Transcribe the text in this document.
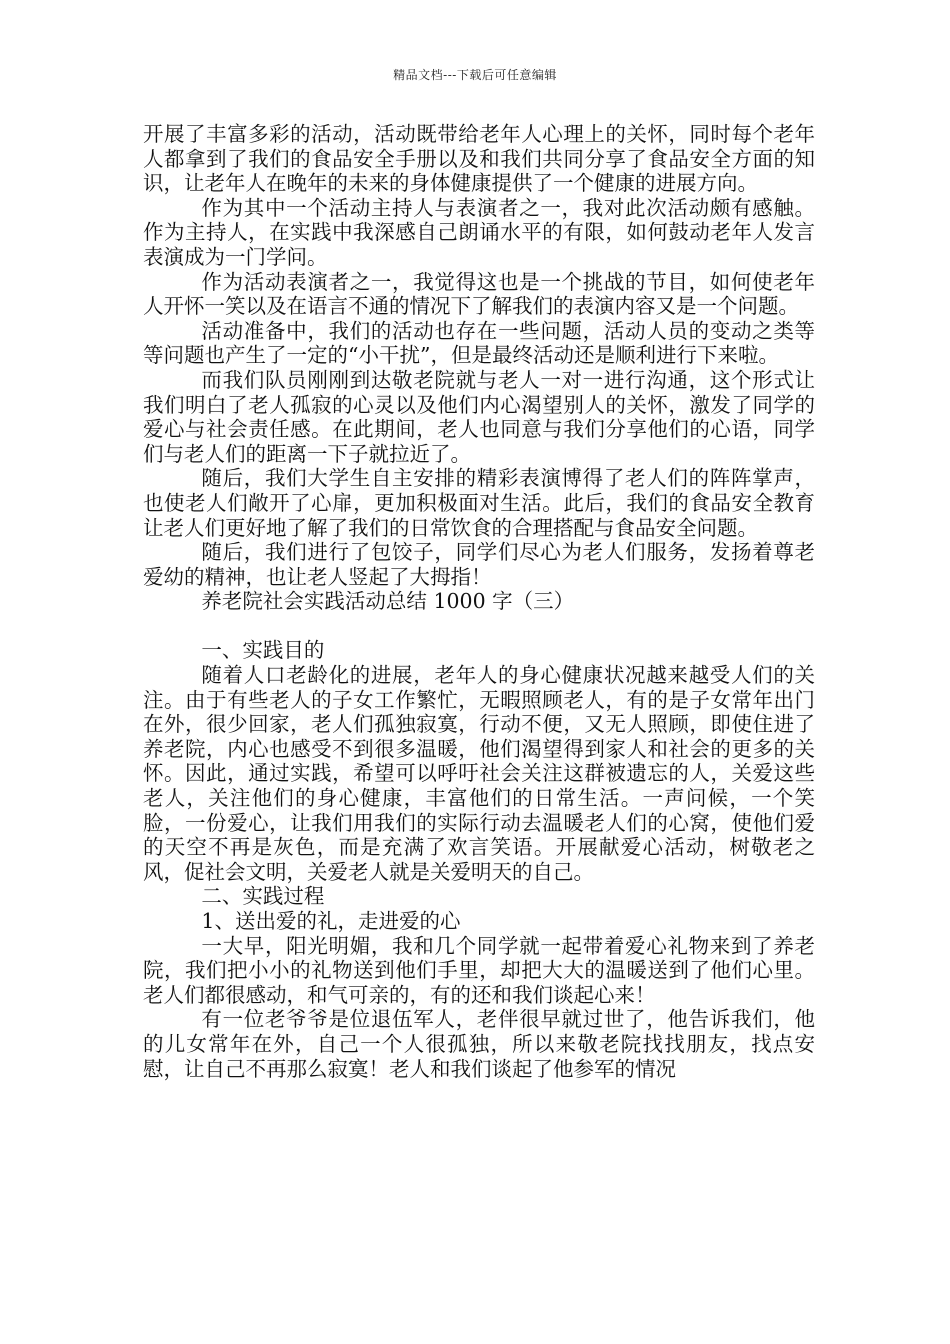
精品文档---下载后可任意编辑

开展了丰富多彩的活动，活动既带给老年人心理上的关怀，同时每个老年人都拿到了我们的食品安全手册以及和我们共同分享了食品安全方面的知识，让老年人在晚年的未来的身体健康提供了一个健康的进展方向。

作为其中一个活动主持人与表演者之一，我对此次活动颇有感触。作为主持人，在实践中我深感自己朗诵水平的有限，如何鼓动老年人发言表演成为一门学问。

作为活动表演者之一，我觉得这也是一个挑战的节目，如何使老年人开怀一笑以及在语言不通的情况下了解我们的表演内容又是一个问题。

活动准备中，我们的活动也存在一些问题，活动人员的变动之类等等问题也产生了一定的“小干扰”，但是最终活动还是顺利进行下来啦。

而我们队员刚刚到达敬老院就与老人一对一进行沟通，这个形式让我们明白了老人孤寂的心灵以及他们内心渴望别人的关怀，激发了同学的爱心与社会责任感。在此期间，老人也同意与我们分享他们的心语，同学们与老人们的距离一下子就拉近了。

随后，我们大学生自主安排的精彩表演博得了老人们的阵阵掌声，也使老人们敞开了心扉，更加积极面对生活。此后，我们的食品安全教育让老人们更好地了解了我们的日常饮食的合理搭配与食品安全问题。

随后，我们进行了包饺子，同学们尽心为老人们服务，发扬着尊老爱幼的精神，也让老人竖起了大拇指！

养老院社会实践活动总结 1000 字（三）

一、实践目的

随着人口老龄化的进展，老年人的身心健康状况越来越受人们的关注。由于有些老人的子女工作繁忙，无暇照顾老人，有的是子女常年出门在外，很少回家，老人们孤独寂寞，行动不便，又无人照顾，即使住进了养老院，内心也感受不到很多温暖，他们渴望得到家人和社会的更多的关怀。因此，通过实践，希望可以呼吁社会关注这群被遗忘的人，关爱这些老人，关注他们的身心健康，丰富他们的日常生活。一声问候，一个笑脸，一份爱心，让我们用我们的实际行动去温暖老人们的心窝，使他们爱的天空不再是灰色，而是充满了欢言笑语。开展献爱心活动，树敬老之风，促社会文明，关爱老人就是关爱明天的自己。

二、实践过程

1、送出爱的礼，走进爱的心

一大早，阳光明媚，我和几个同学就一起带着爱心礼物来到了养老院，我们把小小的礼物送到他们手里，却把大大的温暖送到了他们心里。老人们都很感动，和气可亲的，有的还和我们谈起心来！

有一位老爷爷是位退伍军人，老伴很早就过世了，他告诉我们，他的儿女常年在外，自己一个人很孤独，所以来敬老院找找朋友，找点安慰，让自己不再那么寂寞！老人和我们谈起了他参军的情况
